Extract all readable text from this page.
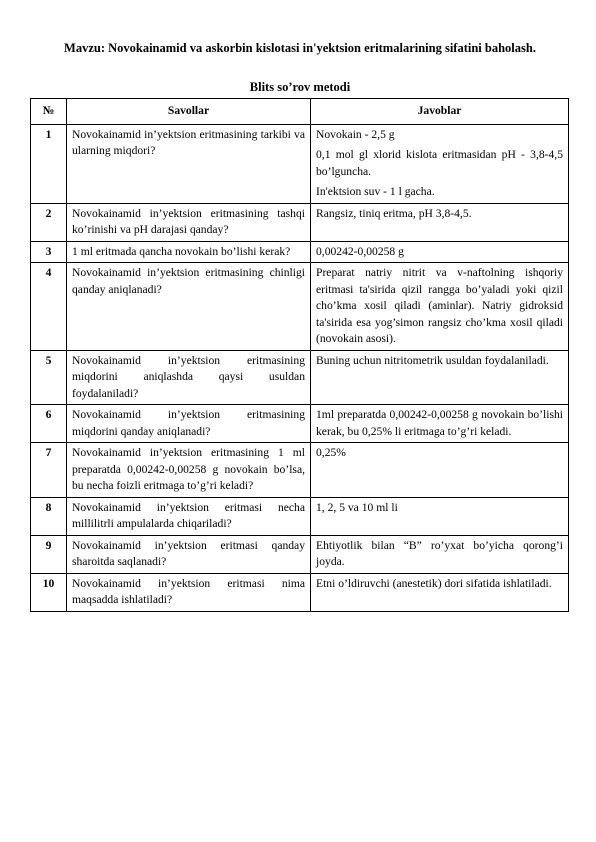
Mavzu: Novokainamid va askorbin kislotasi in'yektsion eritmalarining sifatini baholash.
Blits so’rov metodi
№	Savollar	Javoblar
1	Novokainamid in’yektsion eritmasining tarkibi va ularning miqdori?	Novokain - 2,5 g

0,1 mol gl xlorid kislota eritmasidan pH - 3,8-4,5 bo’lguncha.

In'ektsion suv - 1 l gacha.

2	Novokainamid in’yektsion eritmasining tashqi ko’rinishi va pH darajasi qanday?	Rangsiz, tiniq eritma, pH 3,8-4,5.

3	1 ml eritmada qancha novokain bo’lishi kerak?	0,00242-0,00258 g

4	Novokainamid in’yektsion eritmasining chinligi qanday aniqlanadi?	Preparat natriy nitrit va v-naftolning ishqoriy eritmasi ta'sirida qizil rangga bo’yaladi yoki qizil cho’kma xosil qiladi (aminlar). Natriy gidroksid ta'sirida esa yog’simon rangsiz cho’kma xosil qiladi (novokain asosi).

5	Novokainamid in’yektsion eritmasining miqdorini aniqlashda qaysi usuldan foydalaniladi?	Buning uchun nitritometrik usuldan foydalaniladi.

6	Novokainamid in’yektsion eritmasining miqdorini qanday aniqlanadi?	1ml preparatda 0,00242-0,00258 g novokain bo’lishi kerak, bu 0,25% li eritmaga to’g’ri keladi.

7	Novokainamid in’yektsion eritmasining 1 ml preparatda 0,00242-0,00258 g novokain bo’lsa, bu necha foizli eritmaga to’g’ri keladi?	0,25%

8	Novokainamid in’yektsion eritmasi necha millilitrli ampulalarda chiqariladi?	1, 2, 5 va 10 ml li

9	Novokainamid in’yektsion eritmasi qanday sharoitda saqlanadi?	Ehtiyotlik bilan “B” ro’yxat bo’yicha qorong’i joyda.

10	Novokainamid in’yektsion eritmasi nima maqsadda ishlatiladi?	Etni o’ldiruvchi (anestetik) dori sifatida ishlatiladi.
